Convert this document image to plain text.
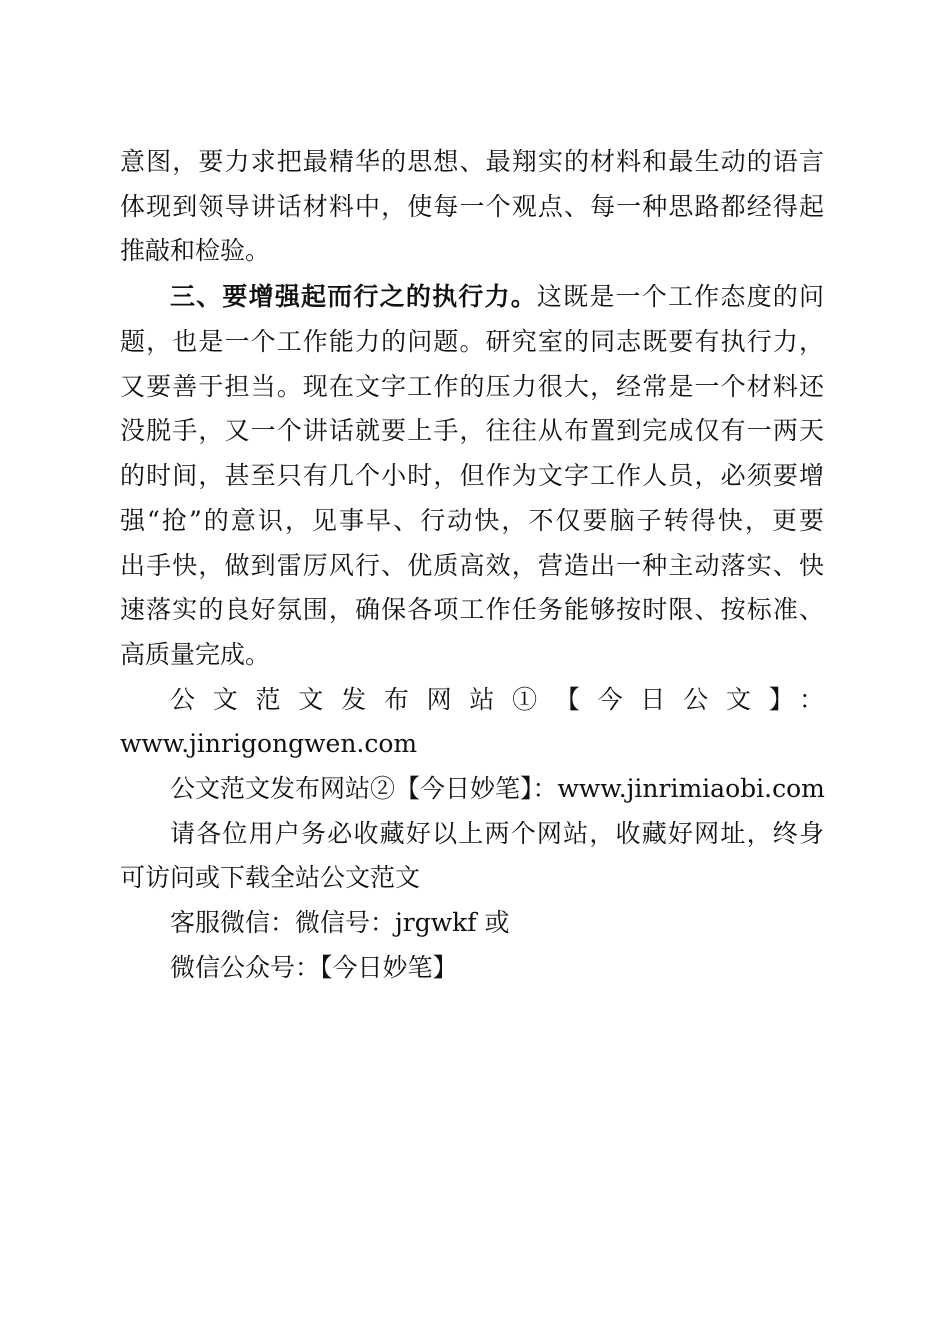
意图，要力求把最精华的思想、最翔实的材料和最生动的语言
体现到领导讲话材料中，使每一个观点、每一种思路都经得起
推敲和检验。
三、要增强起而行之的执行力。这既是一个工作态度的问
题，也是一个工作能力的问题。研究室的同志既要有执行力，
又要善于担当。现在文字工作的压力很大，经常是一个材料还
没脱手，又一个讲话就要上手，往往从布置到完成仅有一两天
的时间，甚至只有几个小时，但作为文字工作人员，必须要增
强“抢”的意识，见事早、行动快，不仅要脑子转得快，更要
出手快，做到雷厉风行、优质高效，营造出一种主动落实、快
速落实的良好氛围，确保各项工作任务能够按时限、按标准、
高质量完成。
公文范文发布网站①【今日公文】：
www.jinrigongwen.com
公文范文发布网站②【今日妙笔】：www.jinrimiaobi.com
请各位用户务必收藏好以上两个网站，收藏好网址，终身
可访问或下载全站公文范文
客服微信：微信号：jrgwkf 或
微信公众号：【今日妙笔】
